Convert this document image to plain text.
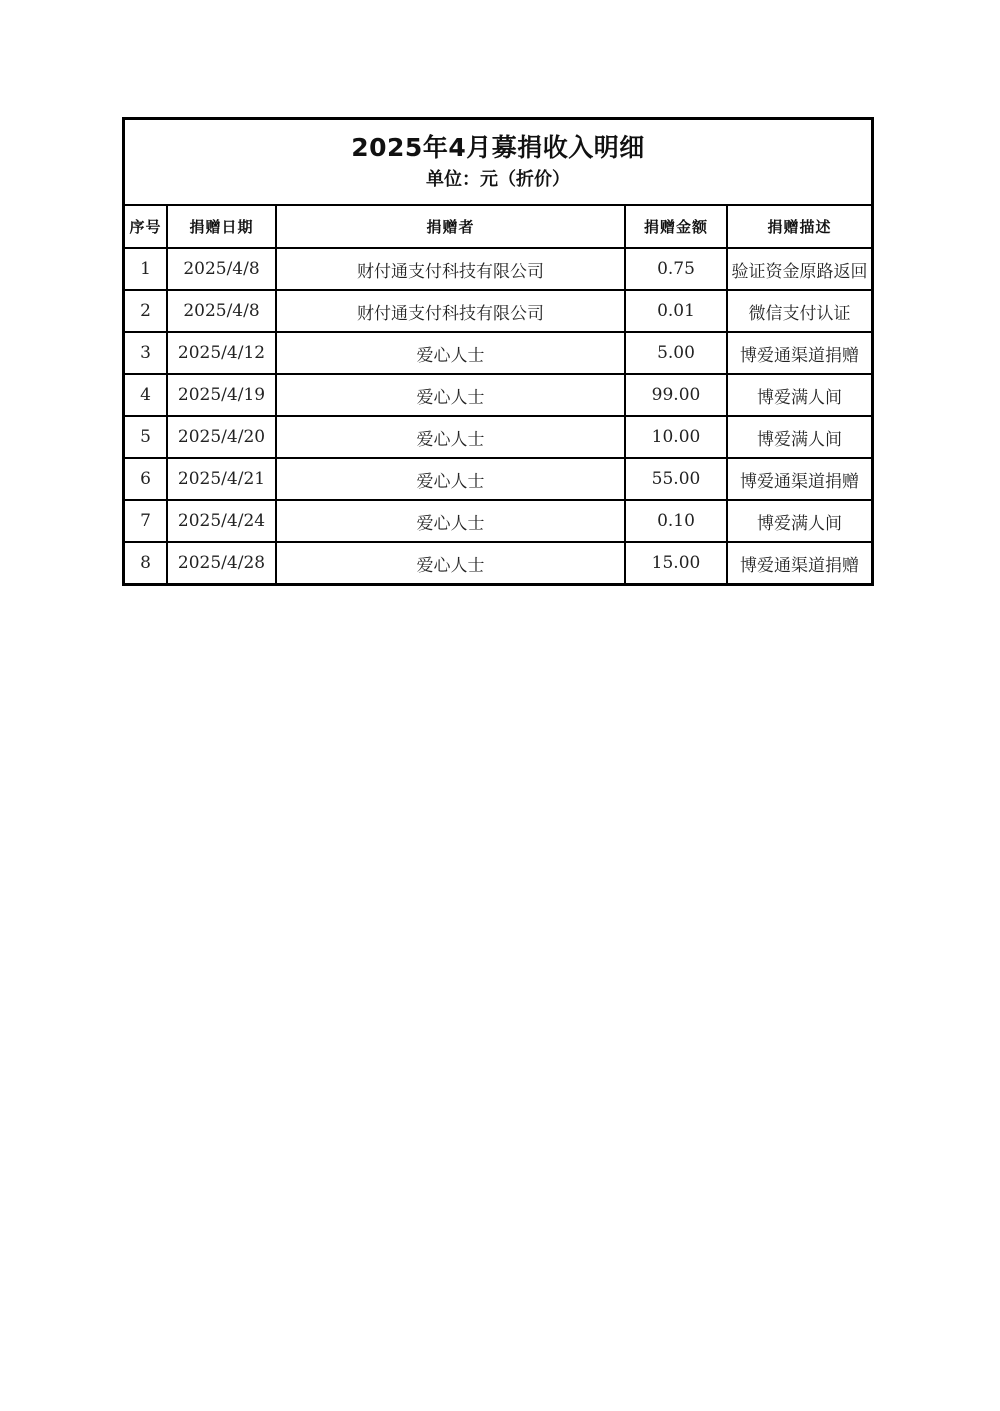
2025年4月募捐收入明细
单位：元（折价）
序号	捐赠日期	捐赠者	捐赠金额	捐赠描述
1	2025/4/8	财付通支付科技有限公司	0.75	验证资金原路返回
2	2025/4/8	财付通支付科技有限公司	0.01	微信支付认证
3	2025/4/12	爱心人士	5.00	博爱通渠道捐赠
4	2025/4/19	爱心人士	99.00	博爱满人间
5	2025/4/20	爱心人士	10.00	博爱满人间
6	2025/4/21	爱心人士	55.00	博爱通渠道捐赠
7	2025/4/24	爱心人士	0.10	博爱满人间
8	2025/4/28	爱心人士	15.00	博爱通渠道捐赠
